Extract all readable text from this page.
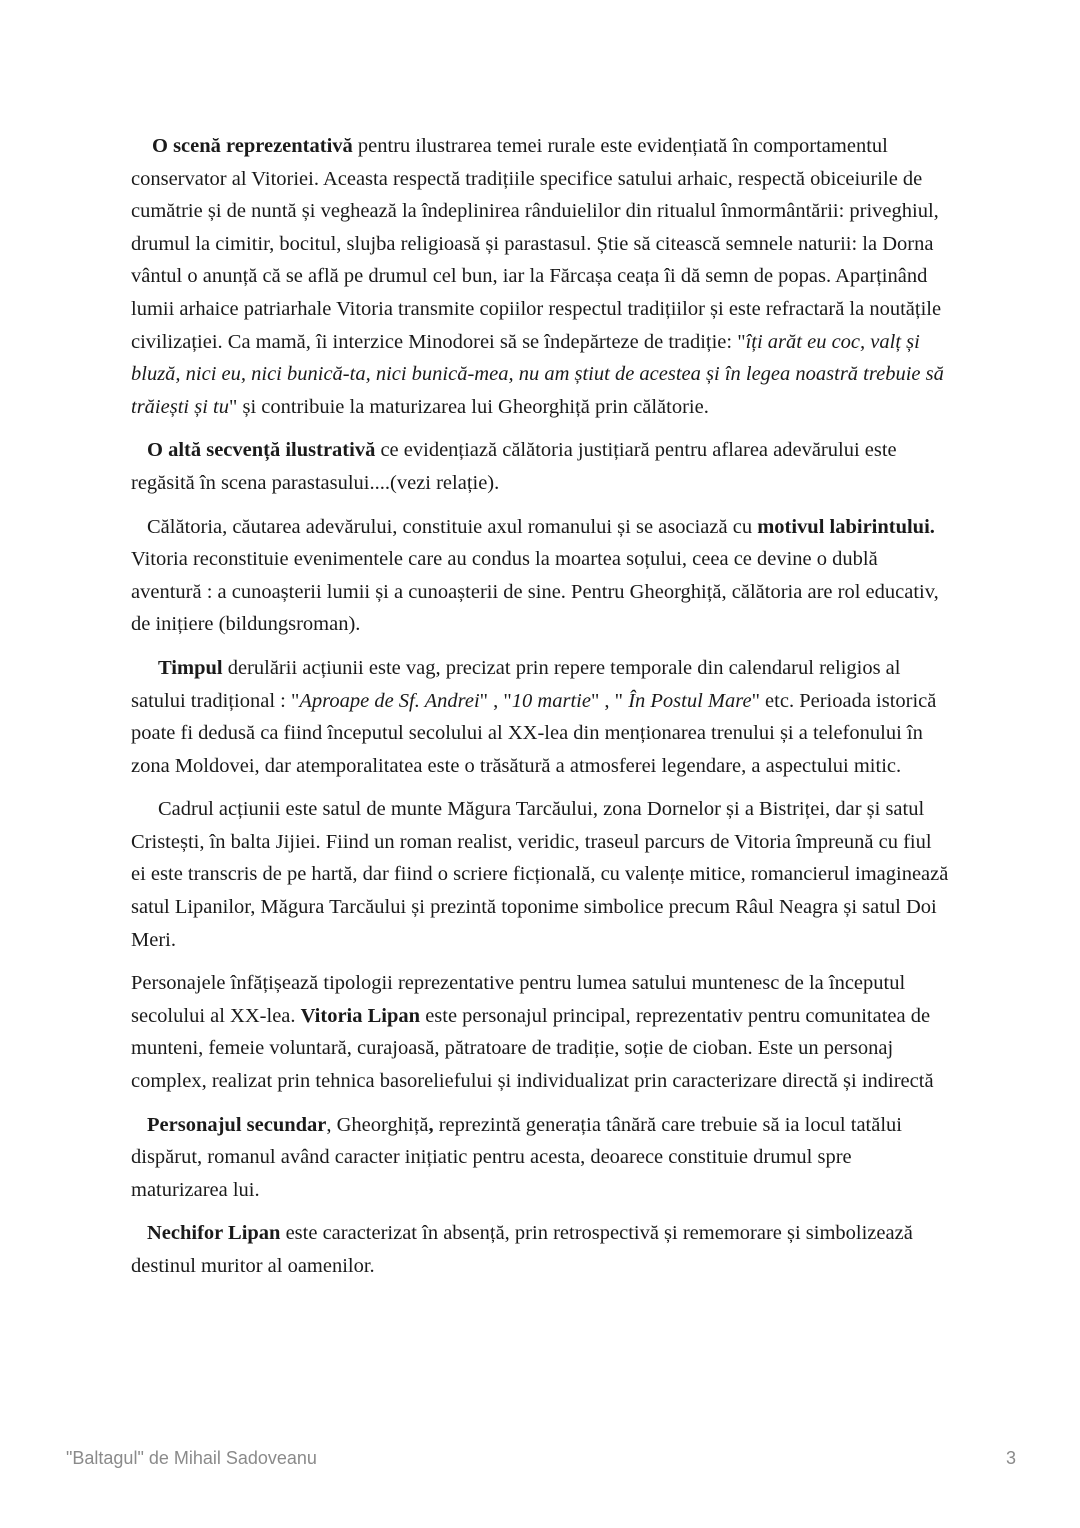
O scenă reprezentativă pentru ilustrarea temei rurale este evidențiată în comportamentul conservator al Vitoriei. Aceasta respectă tradițiile specifice satului arhaic, respectă obiceiurile de cumătrie și de nuntă și veghează la îndeplinirea rânduielilor din ritualul înmormântării: priveghiul, drumul la cimitir, bocitul, slujba religioasă și parastasul. Știe să citească semnele naturii: la Dorna vântul o anunță că se află pe drumul cel bun, iar la Fărcașa ceața îi dă semn de popas. Aparținând lumii arhaice patriarhale Vitoria transmite copiilor respectul tradițiilor și este refractară la noutățile civilizației. Ca mamă, îi interzice Minodorei să se îndepărteze de tradiție: "îți arăt eu coc, valț și bluză, nici eu, nici bunică-ta, nici bunică-mea, nu am știut de acestea și în legea noastră trebuie să trăiești și tu" și contribuie la maturizarea lui Gheorghiță prin călătorie.

O altă secvență ilustrativă ce evidențiază călătoria justițiară pentru aflarea adevărului este regăsită în scena parastasului....(vezi relație).

Călătoria, căutarea adevărului, constituie axul romanului și se asociază cu motivul labirintului. Vitoria reconstituie evenimentele care au condus la moartea soțului, ceea ce devine o dublă aventură : a cunoașterii lumii și a cunoașterii de sine. Pentru Gheorghiță, călătoria are rol educativ, de inițiere (bildungsroman).

Timpul derulării acțiunii este vag, precizat prin repere temporale din calendarul religios al satului tradițional : "Aproape de Sf. Andrei" , "10 martie" , " În Postul Mare" etc. Perioada istorică poate fi dedusă ca fiind începutul secolului al XX-lea din menționarea trenului și a telefonului în zona Moldovei, dar atemporalitatea este o trăsătură a atmosferei legendare, a aspectului mitic.

Cadrul acțiunii este satul de munte Măgura Tarcăului, zona Dornelor și a Bistriței, dar și satul Cristești, în balta Jijiei. Fiind un roman realist, veridic, traseul parcurs de Vitoria împreună cu fiul ei este transcris de pe hartă, dar fiind o scriere ficțională, cu valențe mitice, romancierul imaginează satul Lipanilor, Măgura Tarcăului și prezintă toponime simbolice precum Râul Neagra și satul Doi Meri.

Personajele înfățișează tipologii reprezentative pentru lumea satului muntenesc de la începutul secolului al XX-lea. Vitoria Lipan este personajul principal, reprezentativ pentru comunitatea de munteni, femeie voluntară, curajoasă, pătratoare de tradiție, soție de cioban. Este un personaj complex, realizat prin tehnica basoreliefului și individualizat prin caracterizare directă și indirectă

Personajul secundar, Gheorghiță, reprezintă generația tânără care trebuie să ia locul tatălui dispărut, romanul având caracter inițiatic pentru acesta, deoarece constituie drumul spre maturizarea lui.

Nechifor Lipan este caracterizat în absență, prin retrospectivă și rememorare și simbolizează destinul muritor al oamenilor.

"Baltagul" de Mihail Sadoveanu	3
